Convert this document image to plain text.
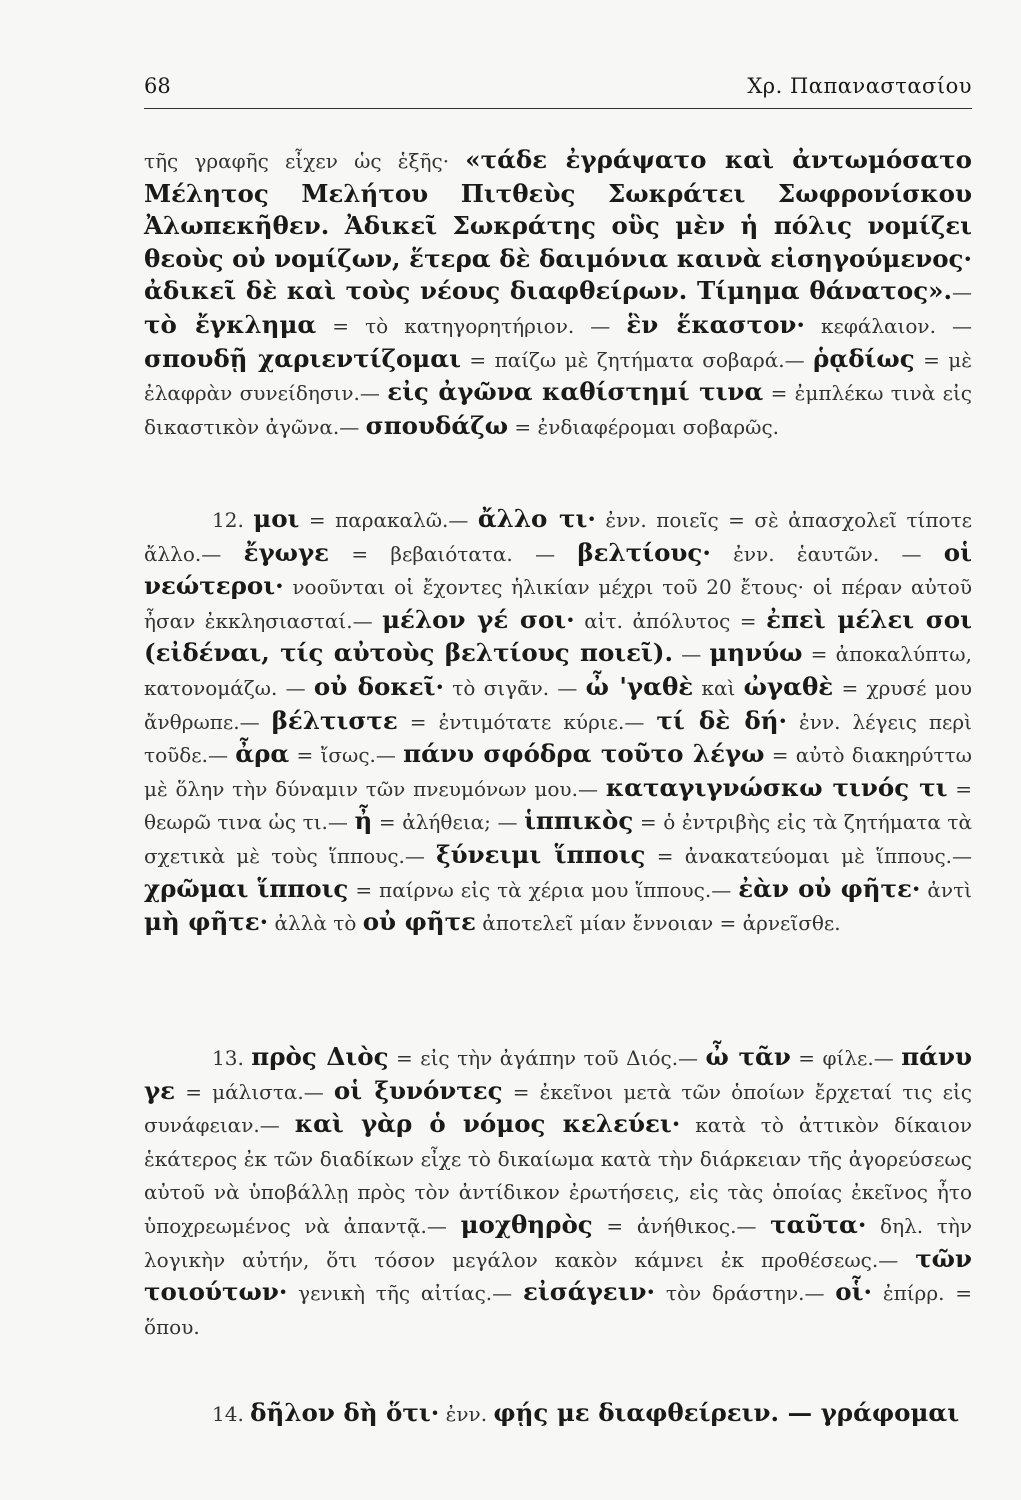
68	Χρ. Παπαναστασίου

τῆς γραφῆς εἶχεν ὡς ἑξῆς· «τάδε ἐγράψατο καὶ ἀντωμόσατο Μέλητος Μελήτου Πιτθεὺς Σωκράτει Σωφρονίσκου Ἀλωπεκῆθεν. Ἀδικεῖ Σωκράτης οὓς μὲν ἡ πόλις νομίζει θεοὺς οὐ νομίζων, ἕτερα δὲ δαιμόνια καινὰ εἰσηγούμενος· ἀδικεῖ δὲ καὶ τοὺς νέους διαφθείρων. Τίμημα θάνατος».— τὸ ἔγκλημα = τὸ κατηγορητήριον. — ἓν ἕκαστον· κεφάλαιον. — σπουδῇ χαριεντίζομαι = παίζω μὲ ζητήματα σοβαρά.— ῥᾳδίως = μὲ ἐλαφρὰν συνείδησιν.— εἰς ἀγῶνα καθίστημί τινα = ἐμπλέκω τινὰ εἰς δικαστικὸν ἀγῶνα.— σπουδάζω = ἐνδιαφέρομαι σοβαρῶς.

12. μοι = παρακαλῶ.— ἄλλο τι· ἐνν. ποιεῖς = σὲ ἀπασχολεῖ τίποτε ἄλλο.— ἔγωγε = βεβαιότατα. — βελτίους· ἐνν. ἑαυτῶν. — οἱ νεώτεροι· νοοῦνται οἱ ἔχοντες ἡλικίαν μέχρι τοῦ 20 ἔτους· οἱ πέραν αὐτοῦ ἦσαν ἐκκλησιασταί.— μέλον γέ σοι· αἰτ. ἀπόλυτος = ἐπεὶ μέλει σοι (εἰδέναι, τίς αὐτοὺς βελτίους ποιεῖ). — μηνύω = ἀποκαλύπτω, κατονομάζω. — οὐ δοκεῖ· τὸ σιγᾶν. — ὦ 'γαθὲ καὶ ὠγαθὲ = χρυσέ μου ἄνθρωπε.— βέλτιστε = ἐντιμότατε κύριε.— τί δὲ δή· ἐνν. λέγεις περὶ τοῦδε.— ἆρα = ἴσως.— πάνυ σφόδρα τοῦτο λέγω = αὐτὸ διακηρύττω μὲ ὅλην τὴν δύναμιν τῶν πνευμόνων μου.— καταγιγνώσκω τινός τι = θεωρῶ τινα ὡς τι.— ἦ = ἀλήθεια; — ἱππικὸς = ὁ ἐντριβὴς εἰς τὰ ζητήματα τὰ σχετικὰ μὲ τοὺς ἵππους.— ξύνειμι ἵπποις = ἀνακατεύομαι μὲ ἵππους.— χρῶμαι ἵπποις = παίρνω εἰς τὰ χέρια μου ἵππους.— ἐὰν οὐ φῆτε· ἀντὶ μὴ φῆτε· ἀλλὰ τὸ οὐ φῆτε ἀποτελεῖ μίαν ἔννοιαν = ἀρνεῖσθε.

13. πρὸς Διὸς = εἰς τὴν ἀγάπην τοῦ Διός.— ὦ τᾶν = φίλε.— πάνυ γε = μάλιστα.— οἱ ξυνόντες = ἐκεῖνοι μετὰ τῶν ὁποίων ἔρχεταί τις εἰς συνάφειαν.— καὶ γὰρ ὁ νόμος κελεύει· κατὰ τὸ ἀττικὸν δίκαιον ἑκάτερος ἐκ τῶν διαδίκων εἶχε τὸ δικαίωμα κατὰ τὴν διάρκειαν τῆς ἀγορεύσεως αὐτοῦ νὰ ὑποβάλλῃ πρὸς τὸν ἀντίδικον ἐρωτήσεις, εἰς τὰς ὁποίας ἐκεῖνος ἦτο ὑποχρεωμένος νὰ ἀπαντᾷ.— μοχθηρὸς = ἀνήθικος.— ταῦτα· δηλ. τὴν λογικὴν αὐτήν, ὅτι τόσον μεγάλον κακὸν κάμνει ἐκ προθέσεως.— τῶν τοιούτων· γενικὴ τῆς αἰτίας.— εἰσάγειν· τὸν δράστην.— οἷ· ἐπίρρ. = ὅπου.

14. δῆλον δὴ ὅτι· ἐνν. φῄς με διαφθείρειν. — γράφομαι
